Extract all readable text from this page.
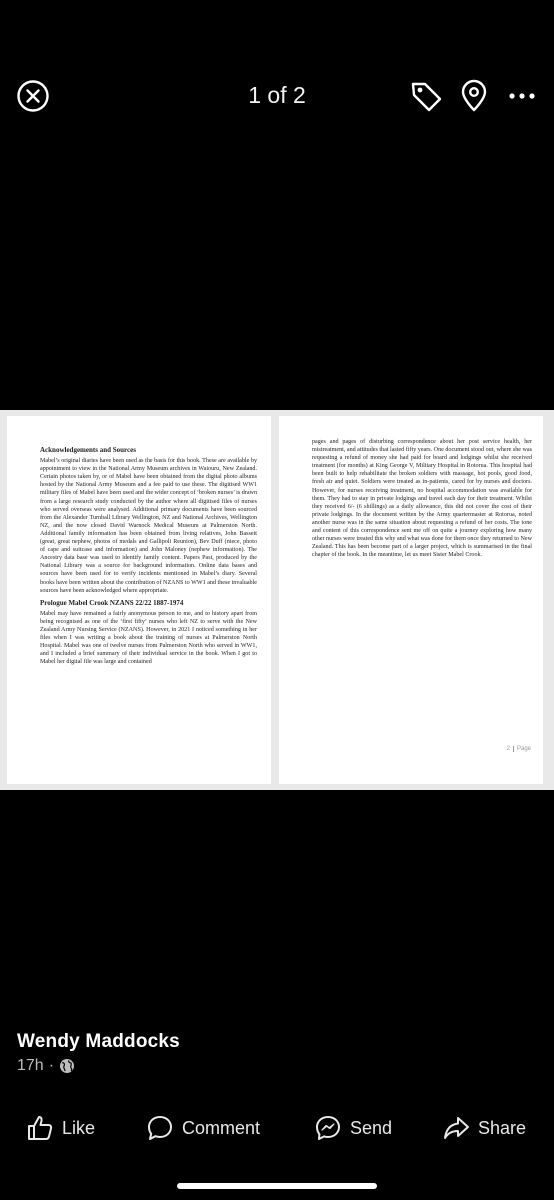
1 of 2
Acknowledgements and Sources

Mabel’s original diaries have been used as the basis for this book. These are available by appointment to view in the National Army Museum archives in Waiouru, New Zealand. Certain photos taken by, or of Mabel have been obtained from the digital photo albums hosted by the National Army Museum and a fee paid to use these. The digitised WW1 military files of Mabel have been used and the wider concept of ‘broken nurses’ is drawn from a large research study conducted by the author where all digitised files of nurses who served overseas were analysed. Additional primary documents have been sourced from the Alexander Turnball Library Wellington, NZ and National Archives, Wellington NZ, and the now closed David Warnock Medical Museum at Palmerston North. Additional family information has been obtained from living relatives, John Bassett (great, great nephew, photos of medals and Gallipoli Reunion), Bev Duff (niece, photo of cape and suitcase and information) and John Maloney (nephew information). The Ancestry data base was used to identify family content. Papers Past, produced by the National Library was a source for background information. Online data bases and sources have been used for to verify incidents mentioned in Mabel’s diary. Several books have been written about the contribution of NZANS to WW1 and these invaluable sources have been acknowledged where appropriate.

Prologue Mabel Crook NZANS 22/22 1887-1974

Mabel may have remained a fairly anonymous person to me, and to history apart from being recognised as one of the ‘first fifty’ nurses who left NZ to serve with the New Zealand Army Nursing Service (NZANS). However, in 2021 I noticed something in her files when I was writing a book about the training of nurses at Palmerston North Hospital. Mabel was one of twelve nurses from Palmerston North who served in WW1, and I included a brief summary of their individual service in the book. When I got to Mabel her digital file was large and contained

pages and pages of disturbing correspondence about her post service health, her mistreatment, and attitudes that lasted fifty years. One document stood out, where she was requesting a refund of money she had paid for board and lodgings whilst she received treatment (for months) at King George V, Military Hospital in Rotorua. This hospital had been built to help rehabilitate the broken soldiers with massage, hot pools, good food, fresh air and quiet. Soldiers were treated as in-patients, cared for by nurses and doctors. However, for nurses receiving treatment, no hospital accommodation was available for them. They had to stay in private lodgings and travel each day for their treatment. Whilst they received 6/- (6 shillings) as a daily allowance, this did not cover the cost of their private lodgings. In the document written by the Army quartermaster at Rotorua, noted another nurse was in the same situation about requesting a refund of her costs. The tone and content of this correspondence sent me off on quite a journey exploring how many other nurses were treated this why and what was done for them once they returned to New Zealand. This has been become part of a larger project, which is summarised in the final chapter of the book. In the meantime, let us meet Sister Mabel Crook.

2 Page
Wendy Maddocks
17h ·
Like	Comment	Send	Share
